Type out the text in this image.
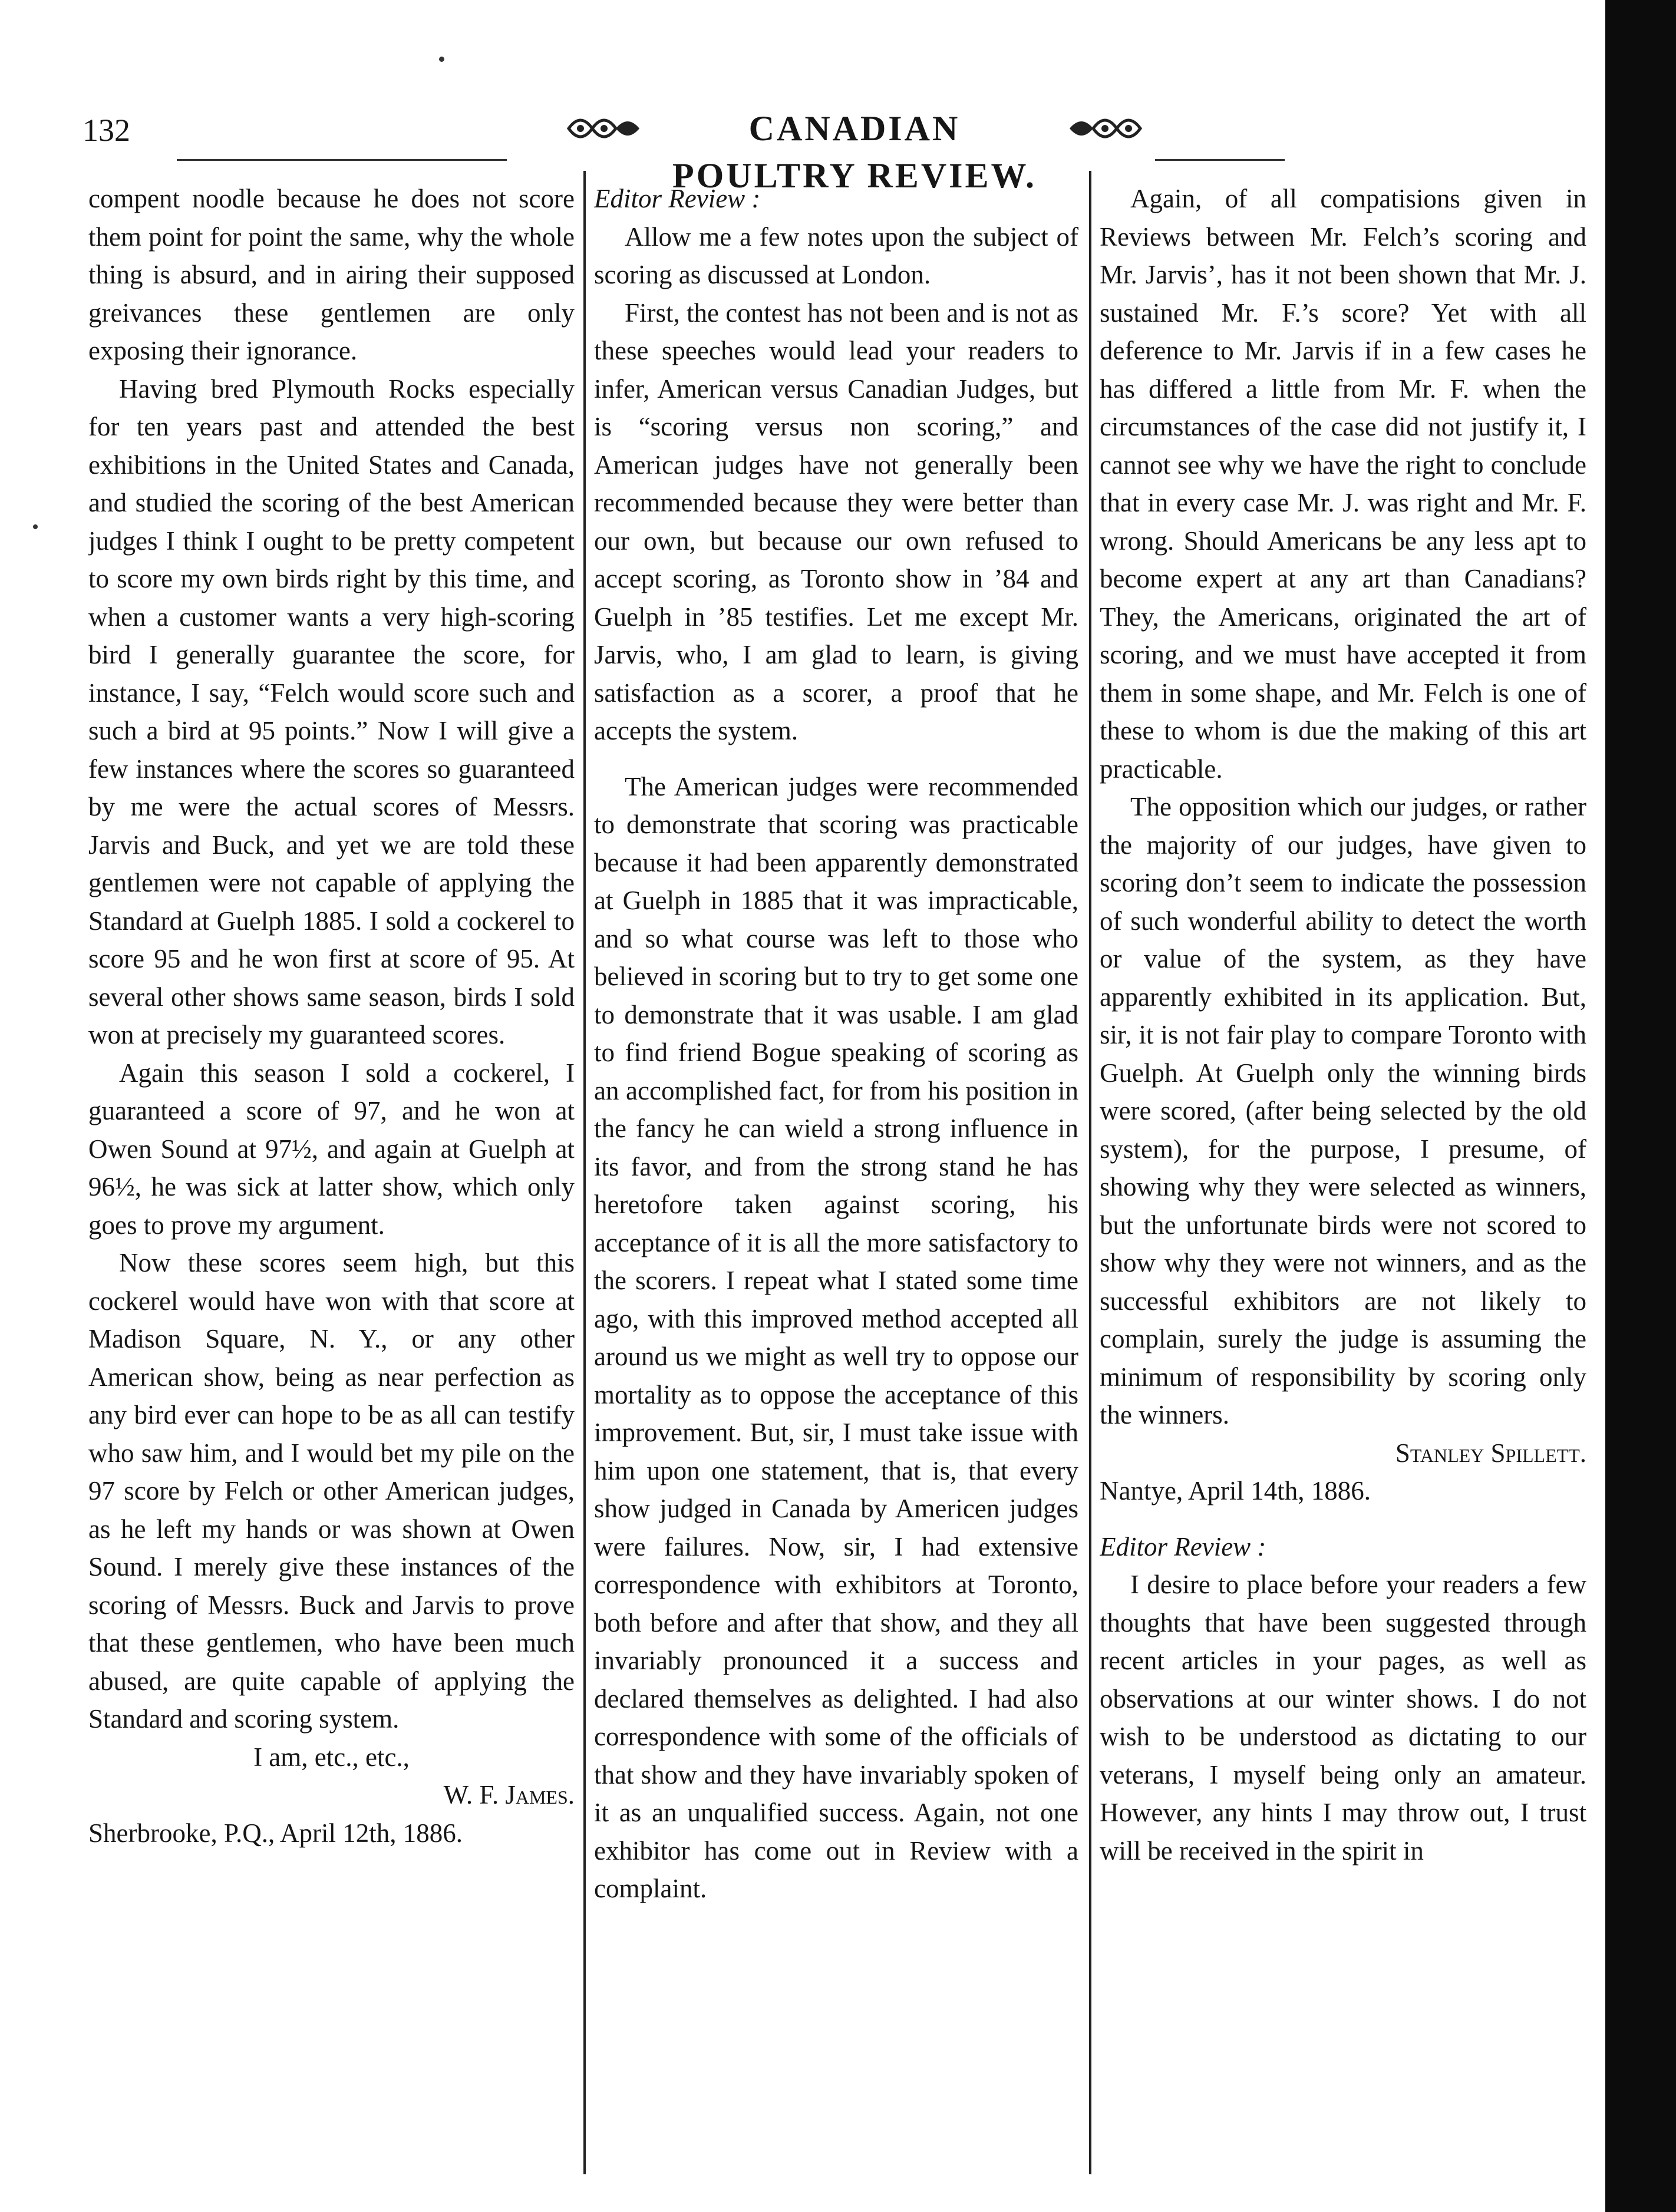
132	CANADIAN POULTRY REVIEW.

compent noodle because he does not score them point for point the same, why the whole thing is absurd, and in airing their supposed greivances these gentlemen are only exposing their ignorance.

Having bred Plymouth Rocks especially for ten years past and attended the best exhibitions in the United States and Canada, and studied the scoring of the best American judges I think I ought to be pretty competent to score my own birds right by this time, and when a customer wants a very high-scoring bird I generally guarantee the score, for instance, I say, “Felch would score such and such a bird at 95 points.” Now I will give a few instances where the scores so guaranteed by me were the actual scores of Messrs. Jarvis and Buck, and yet we are told these gentlemen were not capable of applying the Standard at Guelph 1885. I sold a cockerel to score 95 and he won first at score of 95. At several other shows same season, birds I sold won at precisely my guaranteed scores.

Again this season I sold a cockerel, I guaranteed a score of 97, and he won at Owen Sound at 97½, and again at Guelph at 96½, he was sick at latter show, which only goes to prove my argument.

Now these scores seem high, but this cockerel would have won with that score at Madison Square, N. Y., or any other American show, being as near perfection as any bird ever can hope to be as all can testify who saw him, and I would bet my pile on the 97 score by Felch or other American judges, as he left my hands or was shown at Owen Sound. I merely give these instances of the scoring of Messrs. Buck and Jarvis to prove that these gentlemen, who have been much abused, are quite capable of applying the Standard and scoring system.

I am, etc., etc.,

W. F. James.

Sherbrooke, P.Q., April 12th, 1886.

Editor Review :

Allow me a few notes upon the subject of scoring as discussed at London.

First, the contest has not been and is not as these speeches would lead your readers to infer, American versus Canadian Judges, but is “scoring versus non scoring,” and American judges have not generally been recommended because they were better than our own, but because our own refused to accept scoring, as Toronto show in ’84 and Guelph in ’85 testifies. Let me except Mr. Jarvis, who, I am glad to learn, is giving satisfaction as a scorer, a proof that he accepts the system.

The American judges were recommended to demonstrate that scoring was practicable because it had been apparently demonstrated at Guelph in 1885 that it was impracticable, and so what course was left to those who believed in scoring but to try to get some one to demonstrate that it was usable. I am glad to find friend Bogue speaking of scoring as an accomplished fact, for from his position in the fancy he can wield a strong influence in its favor, and from the strong stand he has heretofore taken against scoring, his acceptance of it is all the more satisfactory to the scorers. I repeat what I stated some time ago, with this improved method accepted all around us we might as well try to oppose our mortality as to oppose the acceptance of this improvement. But, sir, I must take issue with him upon one statement, that is, that every show judged in Canada by Americen judges were failures. Now, sir, I had extensive correspondence with exhibitors at Toronto, both before and after that show, and they all invariably pronounced it a success and declared themselves as delighted. I had also correspondence with some of the officials of that show and they have invariably spoken of it as an unqualified success. Again, not one exhibitor has come out in Review with a complaint.

Again, of all compatisions given in Reviews between Mr. Felch’s scoring and Mr. Jarvis’, has it not been shown that Mr. J. sustained Mr. F.’s score? Yet with all deference to Mr. Jarvis if in a few cases he has differed a little from Mr. F. when the circumstances of the case did not justify it, I cannot see why we have the right to conclude that in every case Mr. J. was right and Mr. F. wrong. Should Americans be any less apt to become expert at any art than Canadians? They, the Americans, originated the art of scoring, and we must have accepted it from them in some shape, and Mr. Felch is one of these to whom is due the making of this art practicable.

The opposition which our judges, or rather the majority of our judges, have given to scoring don’t seem to indicate the possession of such wonderful ability to detect the worth or value of the system, as they have apparently exhibited in its application. But, sir, it is not fair play to compare Toronto with Guelph. At Guelph only the winning birds were scored, (after being selected by the old system), for the purpose, I presume, of showing why they were selected as winners, but the unfortunate birds were not scored to show why they were not winners, and as the successful exhibitors are not likely to complain, surely the judge is assuming the minimum of responsibility by scoring only the winners.

Stanley Spillett.

Nantye, April 14th, 1886.

Editor Review :

I desire to place before your readers a few thoughts that have been suggested through recent articles in your pages, as well as observations at our winter shows. I do not wish to be understood as dictating to our veterans, I myself being only an amateur. However, any hints I may throw out, I trust will be received in the spirit in
